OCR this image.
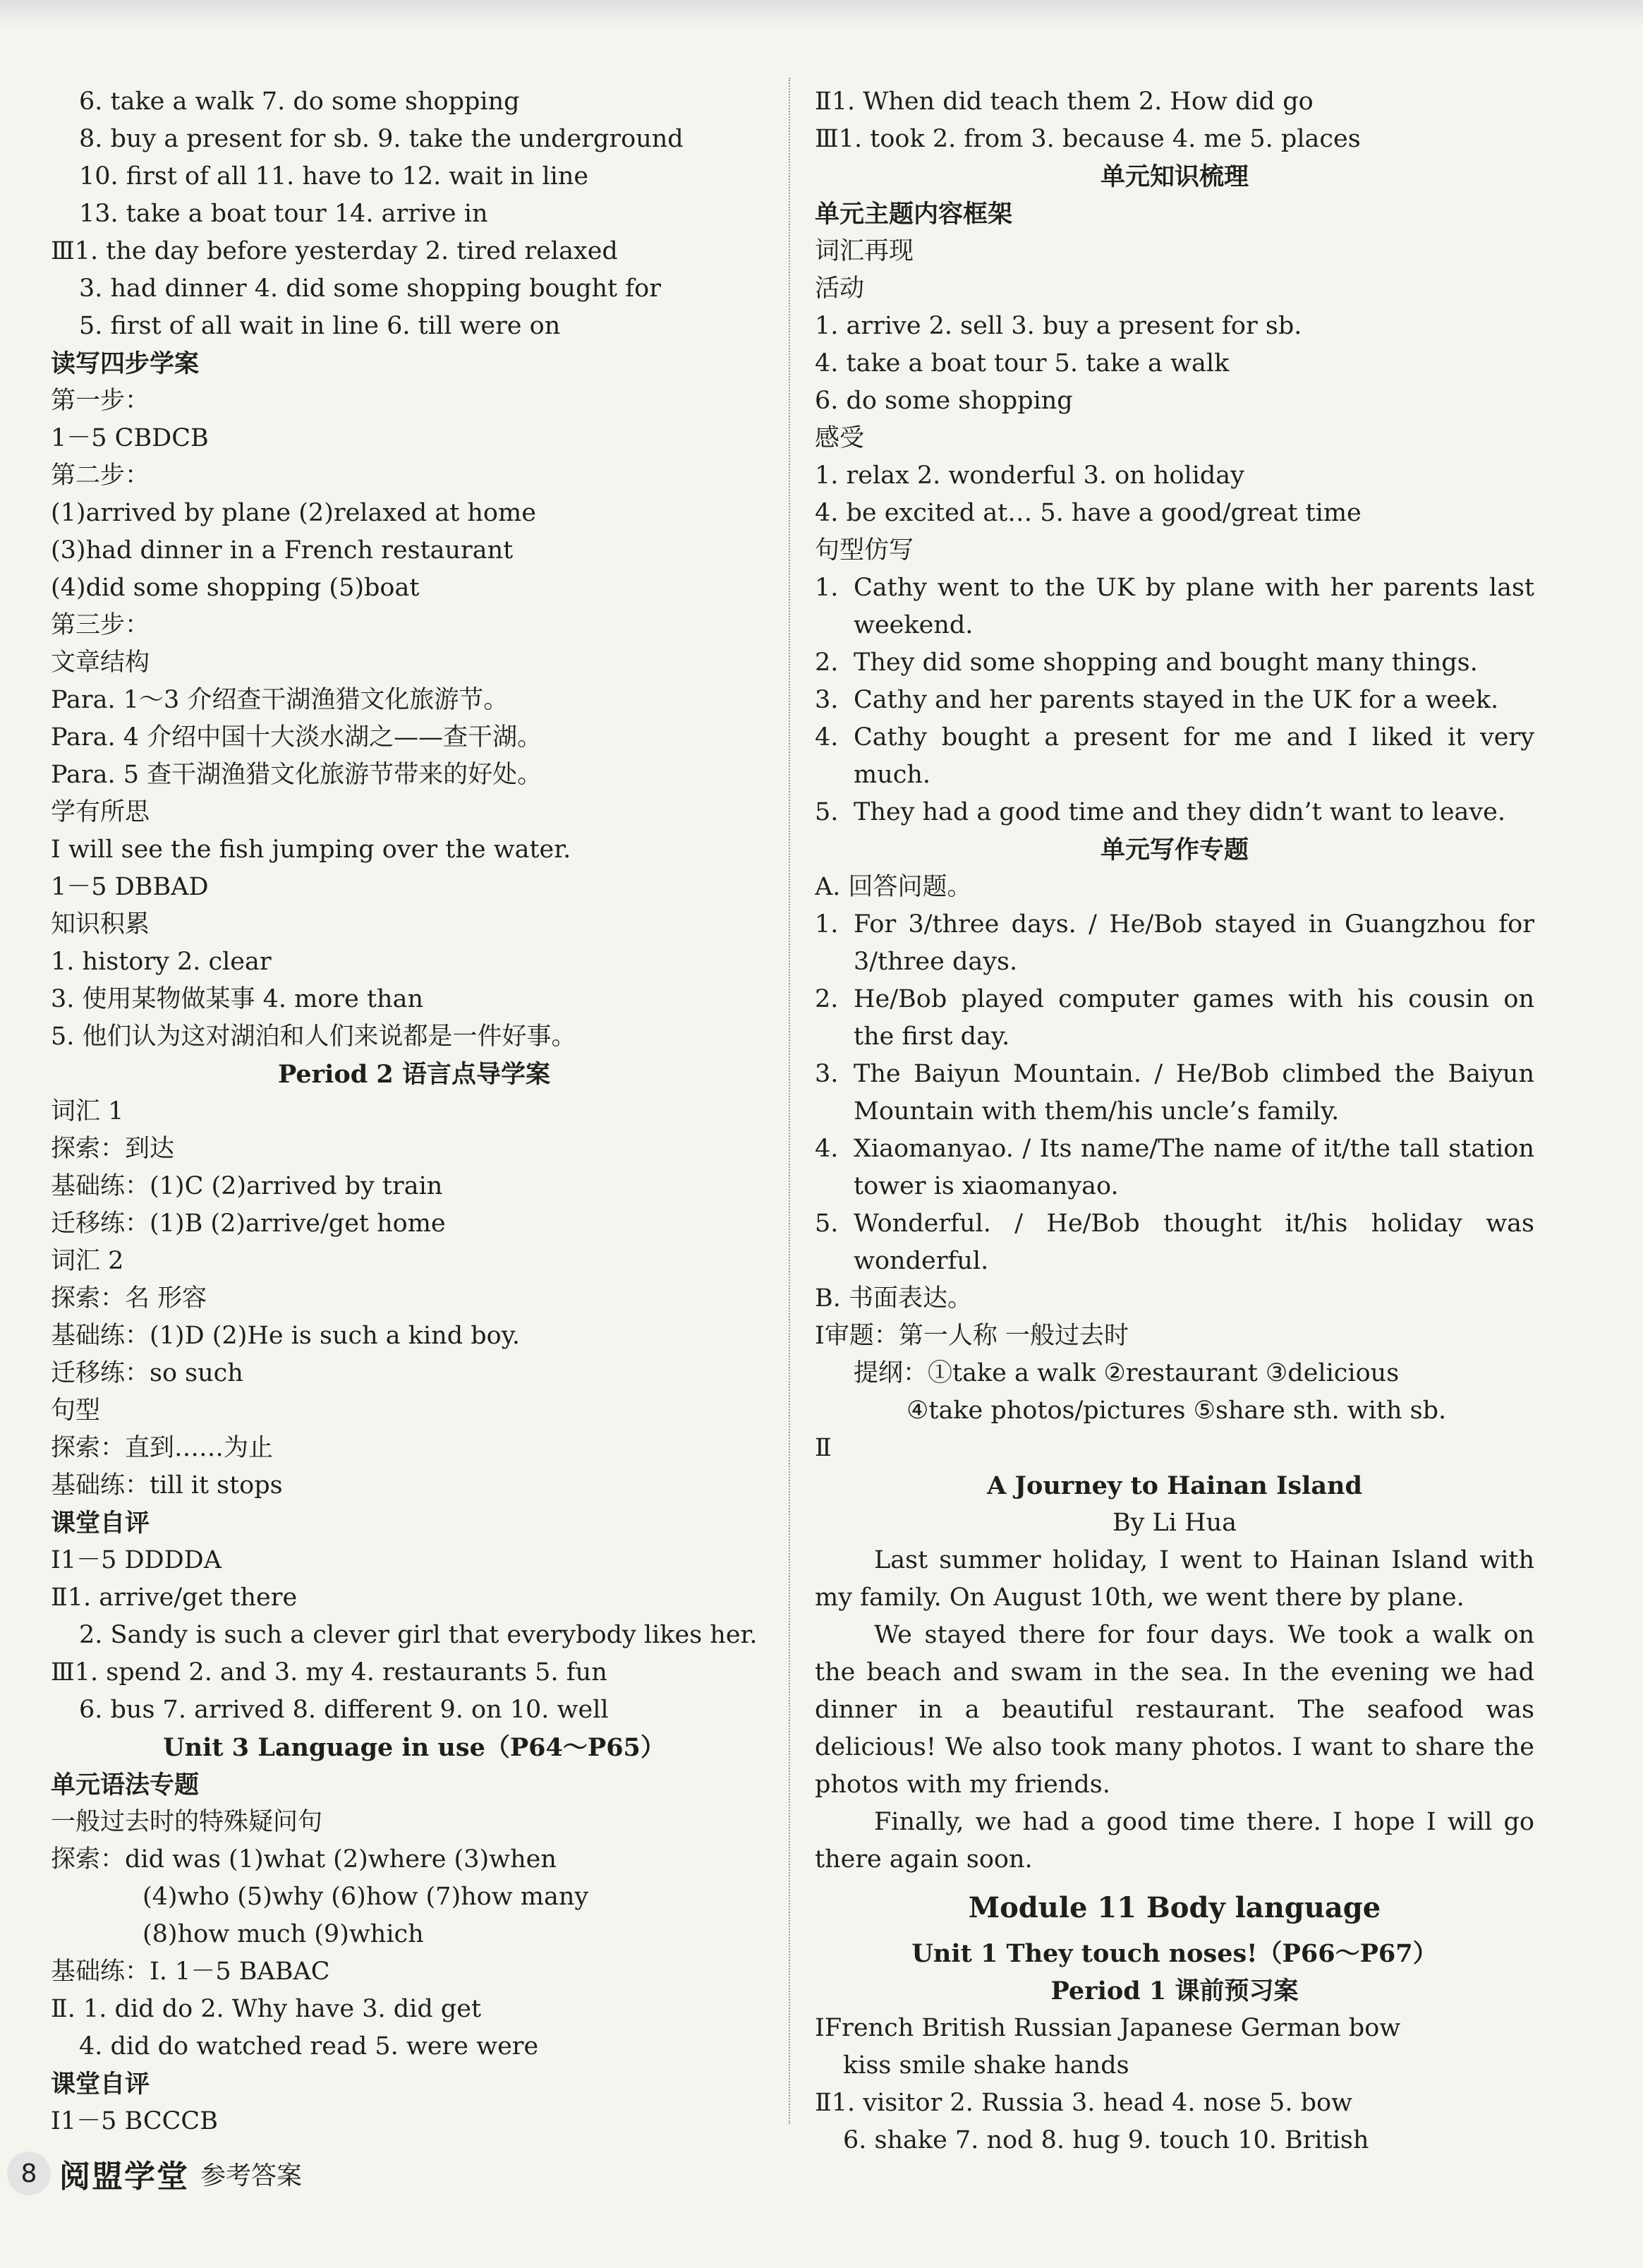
6. take a walk 7. do some shopping
8. buy a present for sb. 9. take the underground
10. first of all 11. have to 12. wait in line
13. take a boat tour 14. arrive in
Ⅲ1. the day before yesterday 2. tired relaxed
3. had dinner 4. did some shopping bought for
5. first of all wait in line 6. till were on
读写四步学案
第一步：
1－5 CBDCB
第二步：
(1)arrived by plane (2)relaxed at home
(3)had dinner in a French restaurant
(4)did some shopping (5)boat
第三步：
文章结构
Para. 1～3 介绍查干湖渔猎文化旅游节。
Para. 4 介绍中国十大淡水湖之——查干湖。
Para. 5 查干湖渔猎文化旅游节带来的好处。
学有所思
I will see the fish jumping over the water.
1－5 DBBAD
知识积累
1. history 2. clear
3. 使用某物做某事 4. more than
5. 他们认为这对湖泊和人们来说都是一件好事。
Period 2 语言点导学案
词汇 1
探索：到达
基础练：(1)C (2)arrived by train
迁移练：(1)B (2)arrive/get home
词汇 2
探索：名 形容
基础练：(1)D (2)He is such a kind boy.
迁移练：so such
句型
探索：直到……为止
基础练：till it stops
课堂自评
Ⅰ1－5 DDDDA
Ⅱ1. arrive/get there
2. Sandy is such a clever girl that everybody likes her.
Ⅲ1. spend 2. and 3. my 4. restaurants 5. fun
6. bus 7. arrived 8. different 9. on 10. well
Unit 3 Language in use（P64～P65）
单元语法专题
一般过去时的特殊疑问句
探索：did was (1)what (2)where (3)when
(4)who (5)why (6)how (7)how many
(8)how much (9)which
基础练：Ⅰ. 1－5 BABAC
Ⅱ. 1. did do 2. Why have 3. did get
4. did do watched read 5. were were
课堂自评
Ⅰ1－5 BCCCB
Ⅱ1. When did teach them 2. How did go
Ⅲ1. took 2. from 3. because 4. me 5. places
单元知识梳理
单元主题内容框架
词汇再现
活动
1. arrive 2. sell 3. buy a present for sb.
4. take a boat tour 5. take a walk
6. do some shopping
感受
1. relax 2. wonderful 3. on holiday
4. be excited at… 5. have a good/great time
句型仿写
1. Cathy went to the UK by plane with her parents last weekend.
2. They did some shopping and bought many things.
3. Cathy and her parents stayed in the UK for a week.
4. Cathy bought a present for me and I liked it very much.
5. They had a good time and they didn’t want to leave.
单元写作专题
A. 回答问题。
1. For 3/three days. / He/Bob stayed in Guangzhou for 3/three days.
2. He/Bob played computer games with his cousin on the first day.
3. The Baiyun Mountain. / He/Bob climbed the Baiyun Mountain with them/his uncle’s family.
4. Xiaomanyao. / Its name/The name of it/the tall station tower is xiaomanyao.
5. Wonderful. / He/Bob thought it/his holiday was wonderful.
B. 书面表达。
Ⅰ审题：第一人称 一般过去时
提纲：①take a walk ②restaurant ③delicious
④take photos/pictures ⑤share sth. with sb.
Ⅱ
A Journey to Hainan Island
By Li Hua
Last summer holiday, I went to Hainan Island with my family. On August 10th, we went there by plane.
We stayed there for four days. We took a walk on the beach and swam in the sea. In the evening we had dinner in a beautiful restaurant. The seafood was delicious! We also took many photos. I want to share the photos with my friends.
Finally, we had a good time there. I hope I will go there again soon.
Module 11 Body language
Unit 1 They touch noses!（P66～P67）
Period 1 课前预习案
ⅠFrench British Russian Japanese German bow
kiss smile shake hands
Ⅱ1. visitor 2. Russia 3. head 4. nose 5. bow
6. shake 7. nod 8. hug 9. touch 10. British
8 阅盟学堂 参考答案
